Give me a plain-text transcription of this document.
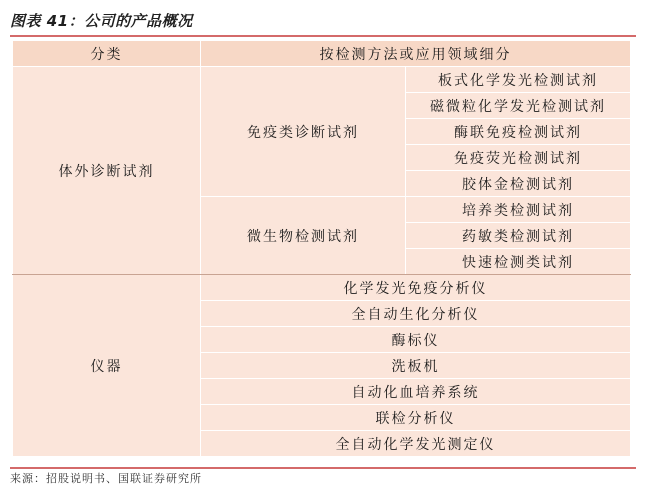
图表 41：公司的产品概况
分类	按检测方法或应用领域细分	
体外诊断试剂	免疫类诊断试剂	板式化学发光检测试剂
		磁微粒化学发光检测试剂
		酶联免疫检测试剂
		免疫荧光检测试剂
		胶体金检测试剂
	微生物检测试剂	培养类检测试剂
		药敏类检测试剂
		快速检测类试剂
仪器	化学发光免疫分析仪	
	全自动生化分析仪	
	酶标仪	
	洗板机	
	自动化血培养系统	
	联检分析仪	
	全自动化学发光测定仪	
来源：招股说明书、国联证券研究所
